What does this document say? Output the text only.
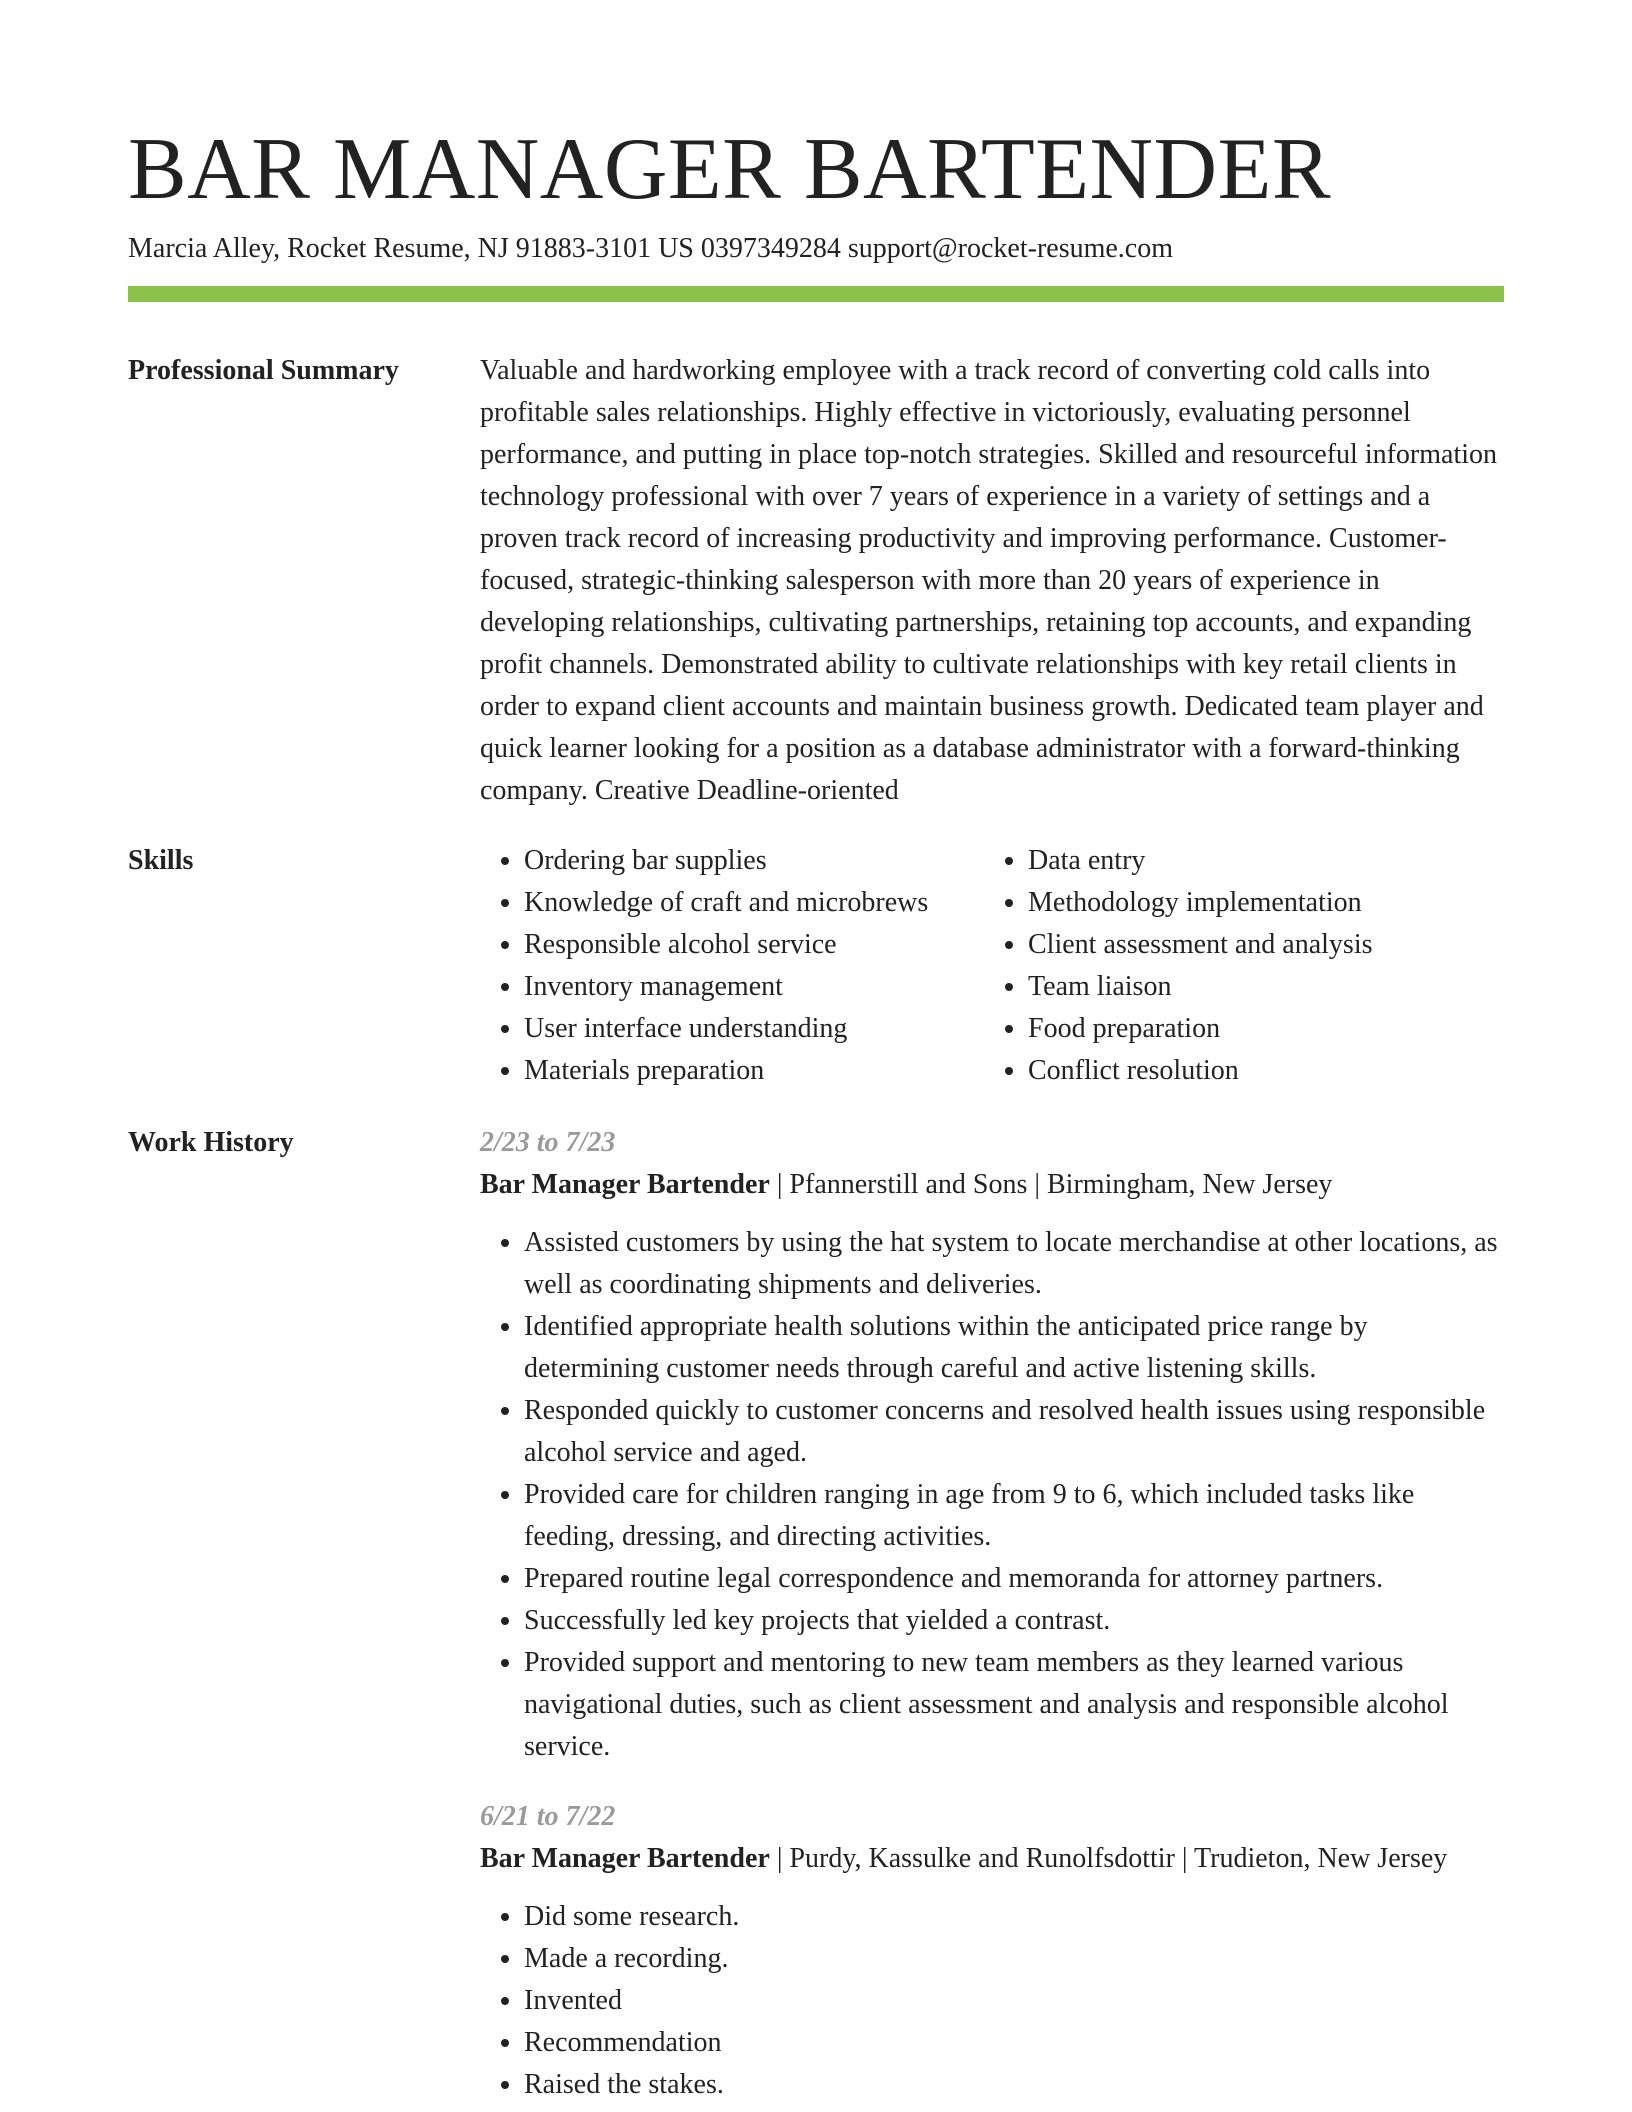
BAR MANAGER BARTENDER
Marcia Alley, Rocket Resume, NJ 91883-3101 US 0397349284 support@rocket-resume.com
Professional Summary	Valuable and hardworking employee with a track record of converting cold calls into profitable sales relationships. Highly effective in victoriously, evaluating personnel performance, and putting in place top-notch strategies. Skilled and resourceful information technology professional with over 7 years of experience in a variety of settings and a proven track record of increasing productivity and improving performance. Customer-focused, strategic-thinking salesperson with more than 20 years of experience in developing relationships, cultivating partnerships, retaining top accounts, and expanding profit channels. Demonstrated ability to cultivate relationships with key retail clients in order to expand client accounts and maintain business growth. Dedicated team player and quick learner looking for a position as a database administrator with a forward-thinking company. Creative Deadline-oriented

Skills
•	Ordering bar supplies
• Knowledge of craft and microbrews
• Responsible alcohol service
• Inventory management
• User interface understanding
• Materials preparation
• Data entry
• Methodology implementation
• Client assessment and analysis
• Team liaison
• Food preparation
• Conflict resolution
Work History	2/23 to 7/23
Bar Manager Bartender | Pfannerstill and Sons | Birmingham, New Jersey
• Assisted customers by using the hat system to locate merchandise at other locations, as well as coordinating shipments and deliveries.
• Identified appropriate health solutions within the anticipated price range by determining customer needs through careful and active listening skills.
• Responded quickly to customer concerns and resolved health issues using responsible alcohol service and aged.
• Provided care for children ranging in age from 9 to 6, which included tasks like feeding, dressing, and directing activities.
• Prepared routine legal correspondence and memoranda for attorney partners.
• Successfully led key projects that yielded a contrast.
• Provided support and mentoring to new team members as they learned various navigational duties, such as client assessment and analysis and responsible alcohol service.
6/21 to 7/22
Bar Manager Bartender | Purdy, Kassulke and Runolfsdottir | Trudieton, New Jersey
• Did some research.
• Made a recording.
• Invented
• Recommendation
• Raised the stakes.
